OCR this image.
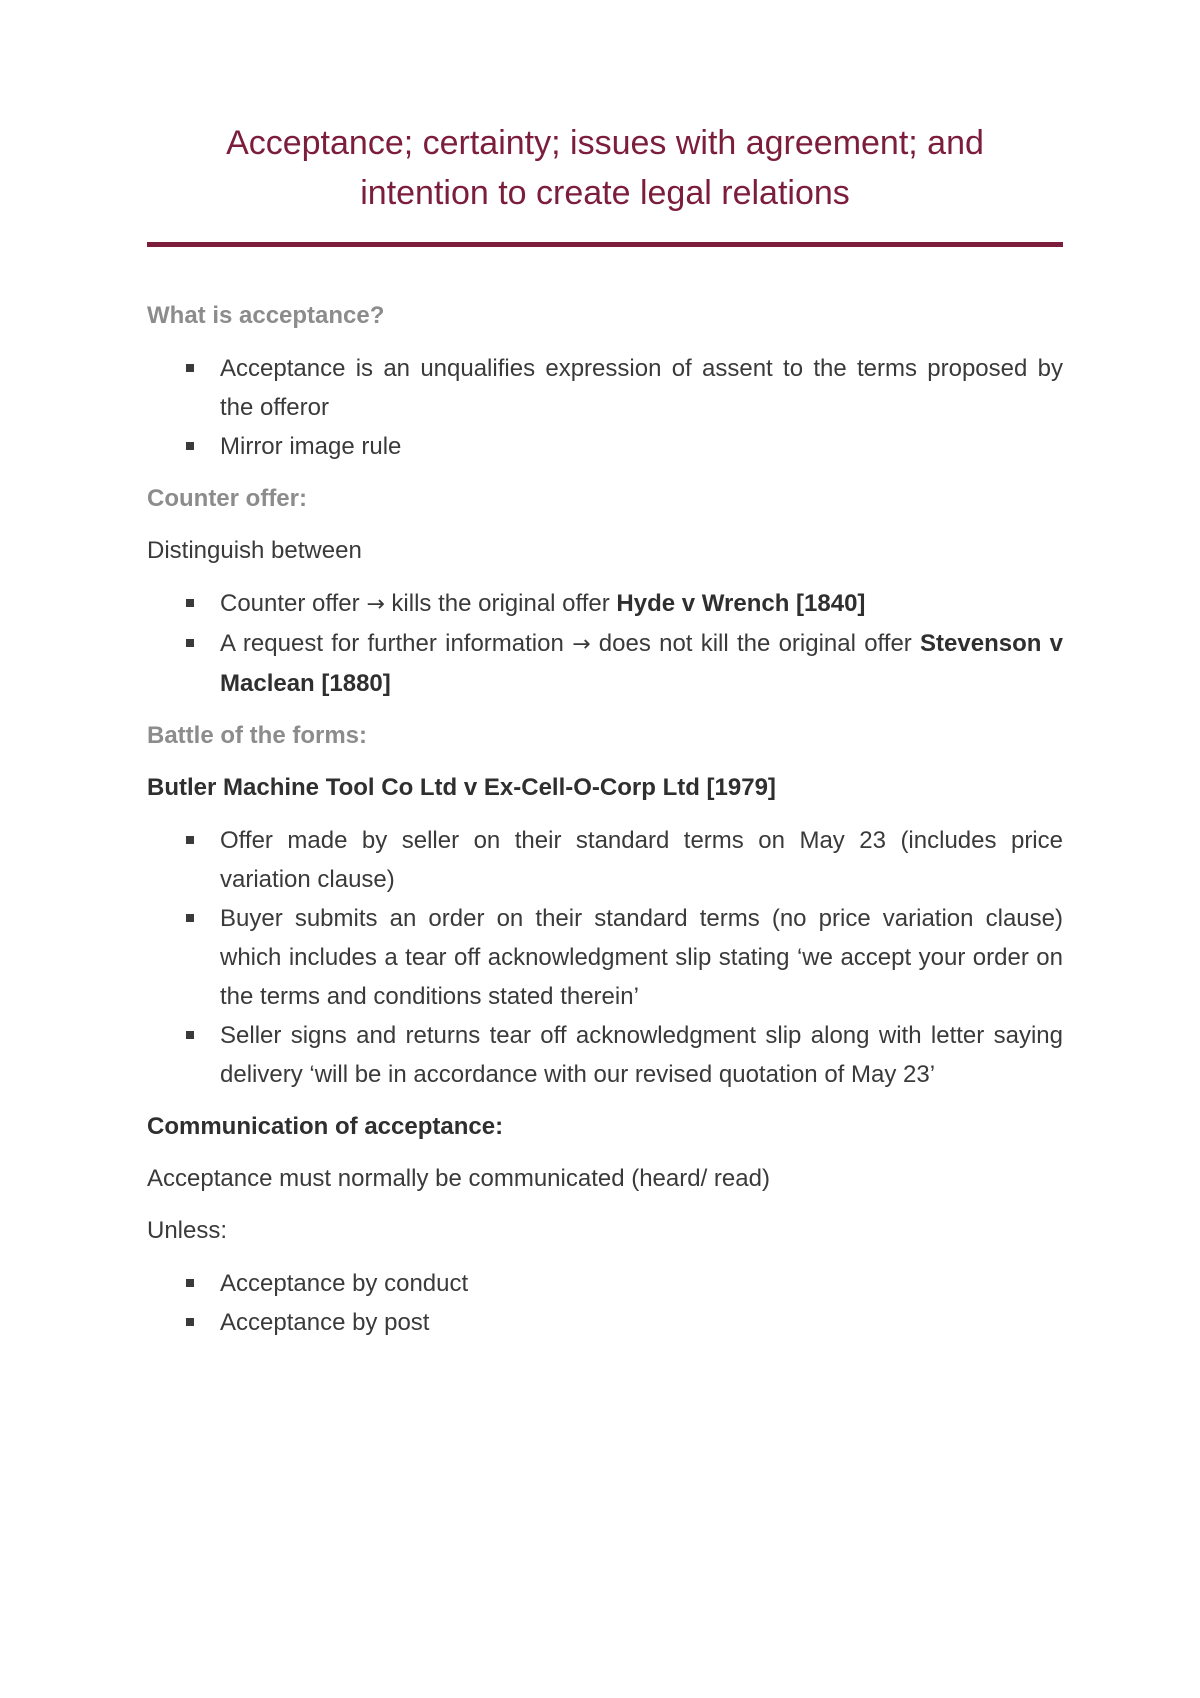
Acceptance; certainty; issues with agreement; and
intention to create legal relations

What is acceptance?

Acceptance is an unqualifies expression of assent to the terms proposed by the offeror
Mirror image rule

Counter offer:

Distinguish between

Counter offer → kills the original offer Hyde v Wrench [1840]
A request for further information → does not kill the original offer Stevenson v Maclean [1880]

Battle of the forms:

Butler Machine Tool Co Ltd v Ex-Cell-O-Corp Ltd [1979]

Offer made by seller on their standard terms on May 23 (includes price variation clause)
Buyer submits an order on their standard terms (no price variation clause) which includes a tear off acknowledgment slip stating ‘we accept your order on the terms and conditions stated therein’
Seller signs and returns tear off acknowledgment slip along with letter saying delivery ‘will be in accordance with our revised quotation of May 23’

Communication of acceptance:

Acceptance must normally be communicated (heard/ read)

Unless:

Acceptance by conduct
Acceptance by post
